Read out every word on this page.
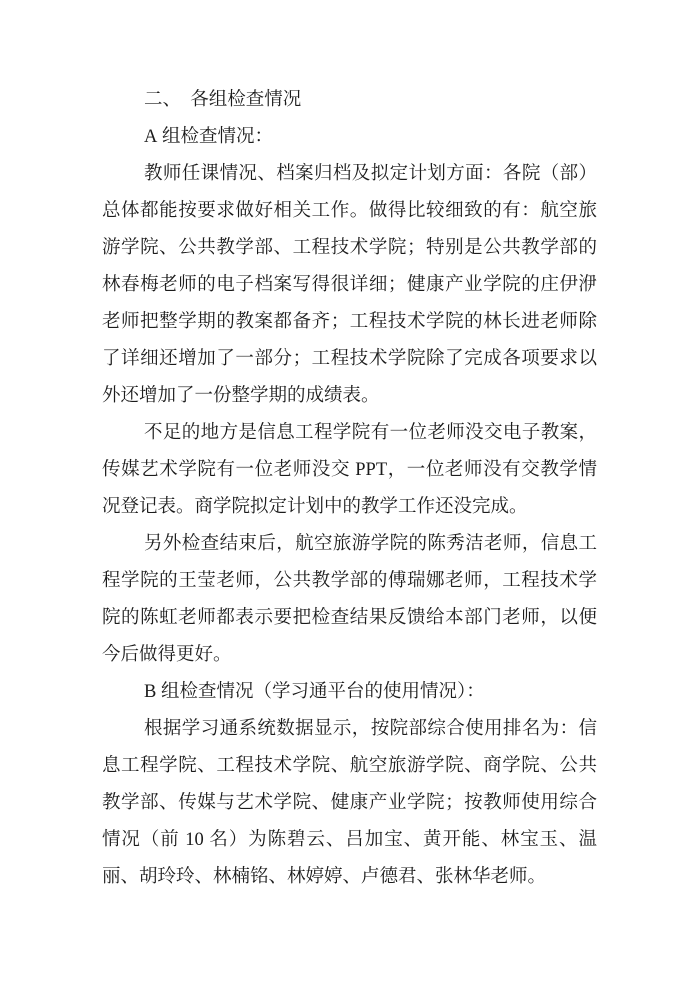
二、　各组检查情况
A 组检查情况：
教师任课情况、档案归档及拟定计划方面：各院（部）
总体都能按要求做好相关工作。做得比较细致的有：航空旅
游学院、公共教学部、工程技术学院；特别是公共教学部的
林春梅老师的电子档案写得很详细；健康产业学院的庄伊洢
老师把整学期的教案都备齐；工程技术学院的林长进老师除
了详细还增加了一部分；工程技术学院除了完成各项要求以
外还增加了一份整学期的成绩表。
不足的地方是信息工程学院有一位老师没交电子教案，
传媒艺术学院有一位老师没交 PPT，一位老师没有交教学情
况登记表。商学院拟定计划中的教学工作还没完成。
另外检查结束后，航空旅游学院的陈秀洁老师，信息工
程学院的王莹老师，公共教学部的傅瑞娜老师，工程技术学
院的陈虹老师都表示要把检查结果反馈给本部门老师，以便
今后做得更好。
B 组检查情况（学习通平台的使用情况）：
根据学习通系统数据显示，按院部综合使用排名为：信
息工程学院、工程技术学院、航空旅游学院、商学院、公共
教学部、传媒与艺术学院、健康产业学院；按教师使用综合
情况（前 10 名）为陈碧云、吕加宝、黄开能、林宝玉、温
丽、胡玲玲、林楠铭、林婷婷、卢德君、张林华老师。
